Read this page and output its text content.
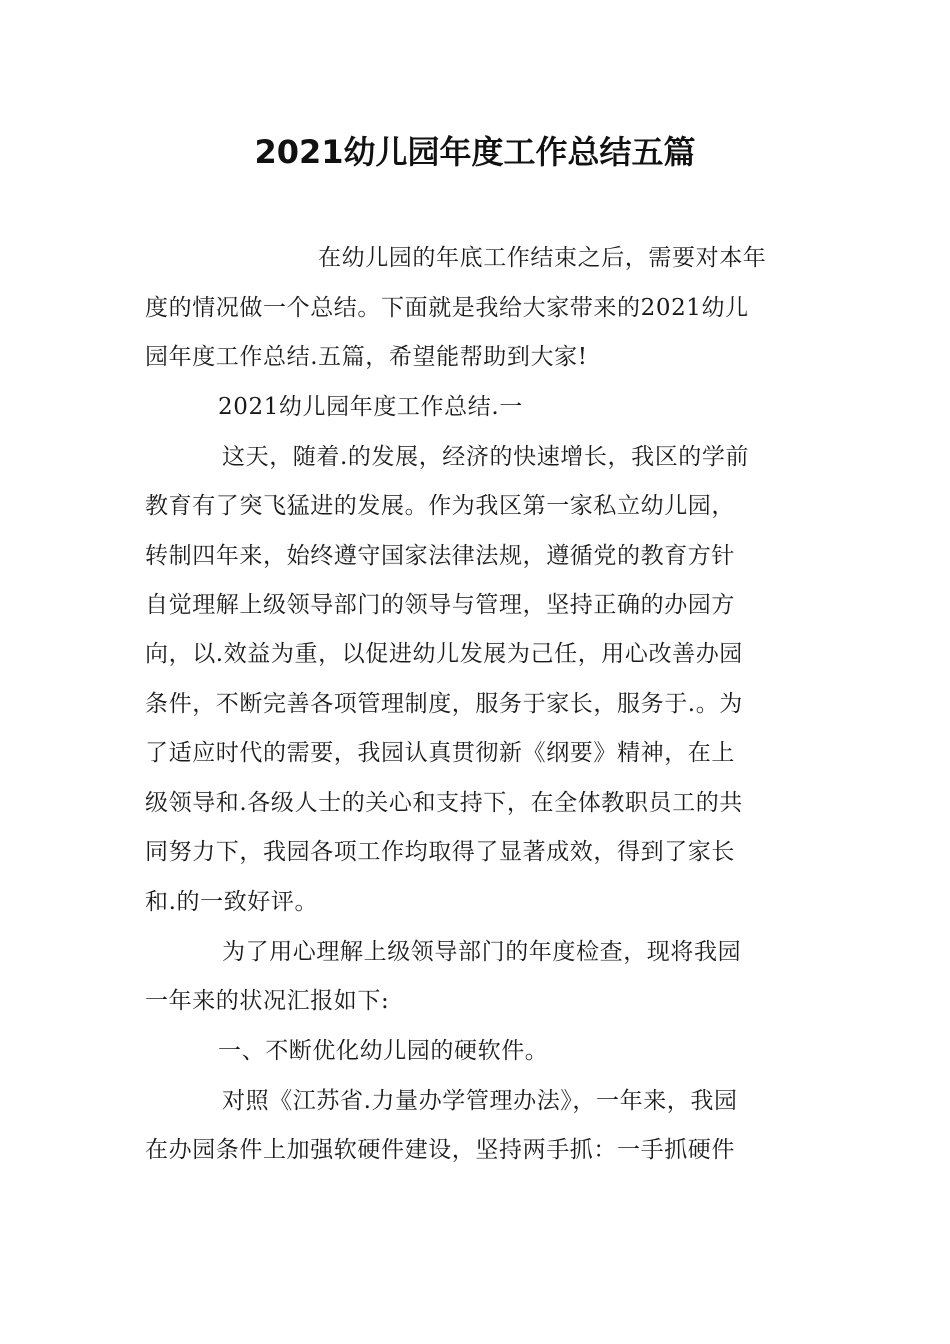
2021幼儿园年度工作总结五篇
在幼儿园的年底工作结束之后，需要对本年
度的情况做一个总结。下面就是我给大家带来的2021幼儿
园年度工作总结.五篇，希望能帮助到大家!
2021幼儿园年度工作总结.一
这天，随着.的发展，经济的快速增长，我区的学前
教育有了突飞猛进的发展。作为我区第一家私立幼儿园，
转制四年来，始终遵守国家法律法规，遵循党的教育方针
自觉理解上级领导部门的领导与管理，坚持正确的办园方
向，以.效益为重，以促进幼儿发展为己任，用心改善办园
条件，不断完善各项管理制度，服务于家长，服务于.。为
了适应时代的需要，我园认真贯彻新《纲要》精神，在上
级领导和.各级人士的关心和支持下，在全体教职员工的共
同努力下，我园各项工作均取得了显著成效，得到了家长
和.的一致好评。
为了用心理解上级领导部门的年度检查，现将我园
一年来的状况汇报如下:
一、不断优化幼儿园的硬软件。
对照《江苏省.力量办学管理办法》，一年来，我园
在办园条件上加强软硬件建设，坚持两手抓：一手抓硬件
